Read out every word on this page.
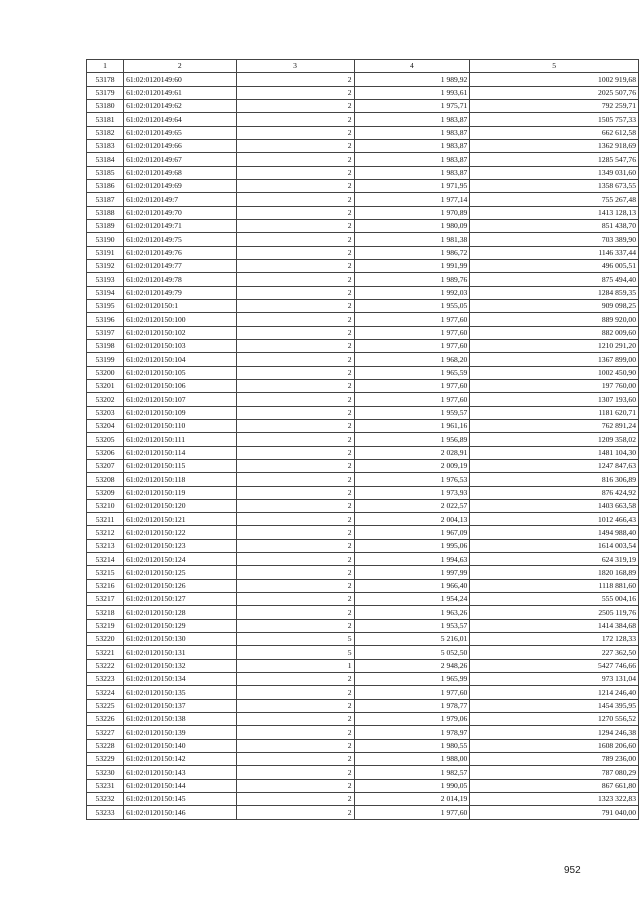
1	2	3	4	5
53178	61:02:0120149:60	2	1 989,92	1002 919,68
53179	61:02:0120149:61	2	1 993,61	2025 507,76
53180	61:02:0120149:62	2	1 975,71	792 259,71
53181	61:02:0120149:64	2	1 983,87	1505 757,33
53182	61:02:0120149:65	2	1 983,87	662 612,58
53183	61:02:0120149:66	2	1 983,87	1362 918,69
53184	61:02:0120149:67	2	1 983,87	1285 547,76
53185	61:02:0120149:68	2	1 983,87	1349 031,60
53186	61:02:0120149:69	2	1 971,95	1358 673,55
53187	61:02:0120149:7	2	1 977,14	755 267,48
53188	61:02:0120149:70	2	1 970,89	1413 128,13
53189	61:02:0120149:71	2	1 980,09	851 438,70
53190	61:02:0120149:75	2	1 981,38	703 389,90
53191	61:02:0120149:76	2	1 986,72	1146 337,44
53192	61:02:0120149:77	2	1 991,99	496 005,51
53193	61:02:0120149:78	2	1 989,76	875 494,40
53194	61:02:0120149:79	2	1 992,03	1284 859,35
53195	61:02:0120150:1	2	1 955,05	909 098,25
53196	61:02:0120150:100	2	1 977,60	889 920,00
53197	61:02:0120150:102	2	1 977,60	882 009,60
53198	61:02:0120150:103	2	1 977,60	1210 291,20
53199	61:02:0120150:104	2	1 968,20	1367 899,00
53200	61:02:0120150:105	2	1 965,59	1002 450,90
53201	61:02:0120150:106	2	1 977,60	197 760,00
53202	61:02:0120150:107	2	1 977,60	1307 193,60
53203	61:02:0120150:109	2	1 959,57	1181 620,71
53204	61:02:0120150:110	2	1 961,16	762 891,24
53205	61:02:0120150:111	2	1 956,89	1209 358,02
53206	61:02:0120150:114	2	2 028,91	1481 104,30
53207	61:02:0120150:115	2	2 009,19	1247 847,63
53208	61:02:0120150:118	2	1 976,53	816 306,89
53209	61:02:0120150:119	2	1 973,93	876 424,92
53210	61:02:0120150:120	2	2 022,57	1403 663,58
53211	61:02:0120150:121	2	2 004,13	1012 466,43
53212	61:02:0120150:122	2	1 967,09	1494 988,40
53213	61:02:0120150:123	2	1 995,06	1614 003,54
53214	61:02:0120150:124	2	1 994,63	624 319,19
53215	61:02:0120150:125	2	1 997,99	1820 168,89
53216	61:02:0120150:126	2	1 966,40	1118 881,60
53217	61:02:0120150:127	2	1 954,24	555 004,16
53218	61:02:0120150:128	2	1 963,26	2505 119,76
53219	61:02:0120150:129	2	1 953,57	1414 384,68
53220	61:02:0120150:130	5	5 216,01	172 128,33
53221	61:02:0120150:131	5	5 052,50	227 362,50
53222	61:02:0120150:132	1	2 948,26	5427 746,66
53223	61:02:0120150:134	2	1 965,99	973 131,04
53224	61:02:0120150:135	2	1 977,60	1214 246,40
53225	61:02:0120150:137	2	1 978,77	1454 395,95
53226	61:02:0120150:138	2	1 979,06	1270 556,52
53227	61:02:0120150:139	2	1 978,97	1294 246,38
53228	61:02:0120150:140	2	1 980,55	1608 206,60
53229	61:02:0120150:142	2	1 988,00	789 236,00
53230	61:02:0120150:143	2	1 982,57	787 080,29
53231	61:02:0120150:144	2	1 990,05	867 661,80
53232	61:02:0120150:145	2	2 014,19	1323 322,83
53233	61:02:0120150:146	2	1 977,60	791 040,00
952
